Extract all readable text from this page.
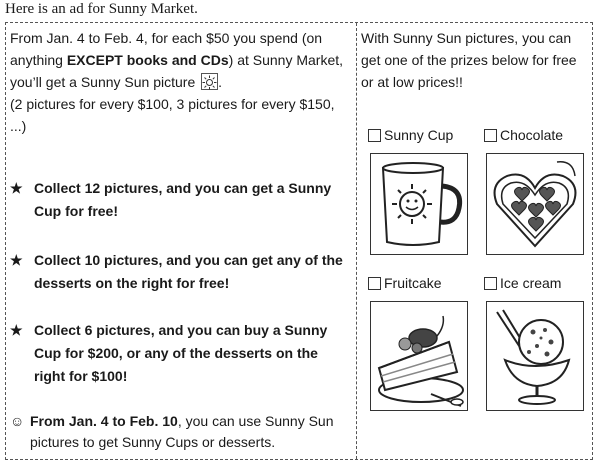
Here is an ad for Sunny Market.

From Jan. 4 to Feb. 4, for each $50 you spend (on anything EXCEPT books and CDs) at Sunny Market, you’ll get a Sunny Sun picture .

(2 pictures for every $100, 3 pictures for every $150, ...)

★ Collect 12 pictures, and you can get a Sunny Cup for free!
★ Collect 10 pictures, and you can get any of the desserts on the right for free!
★ Collect 6 pictures, and you can buy a Sunny Cup for $200, or any of the desserts on the right for $100!
☺ From Jan. 4 to Feb. 10, you can use Sunny Sun pictures to get Sunny Cups or desserts.

With Sunny Sun pictures, you can get one of the prizes below for free or at low prices!!

Sunny Cup	Chocolate
Fruitcake	Ice cream
